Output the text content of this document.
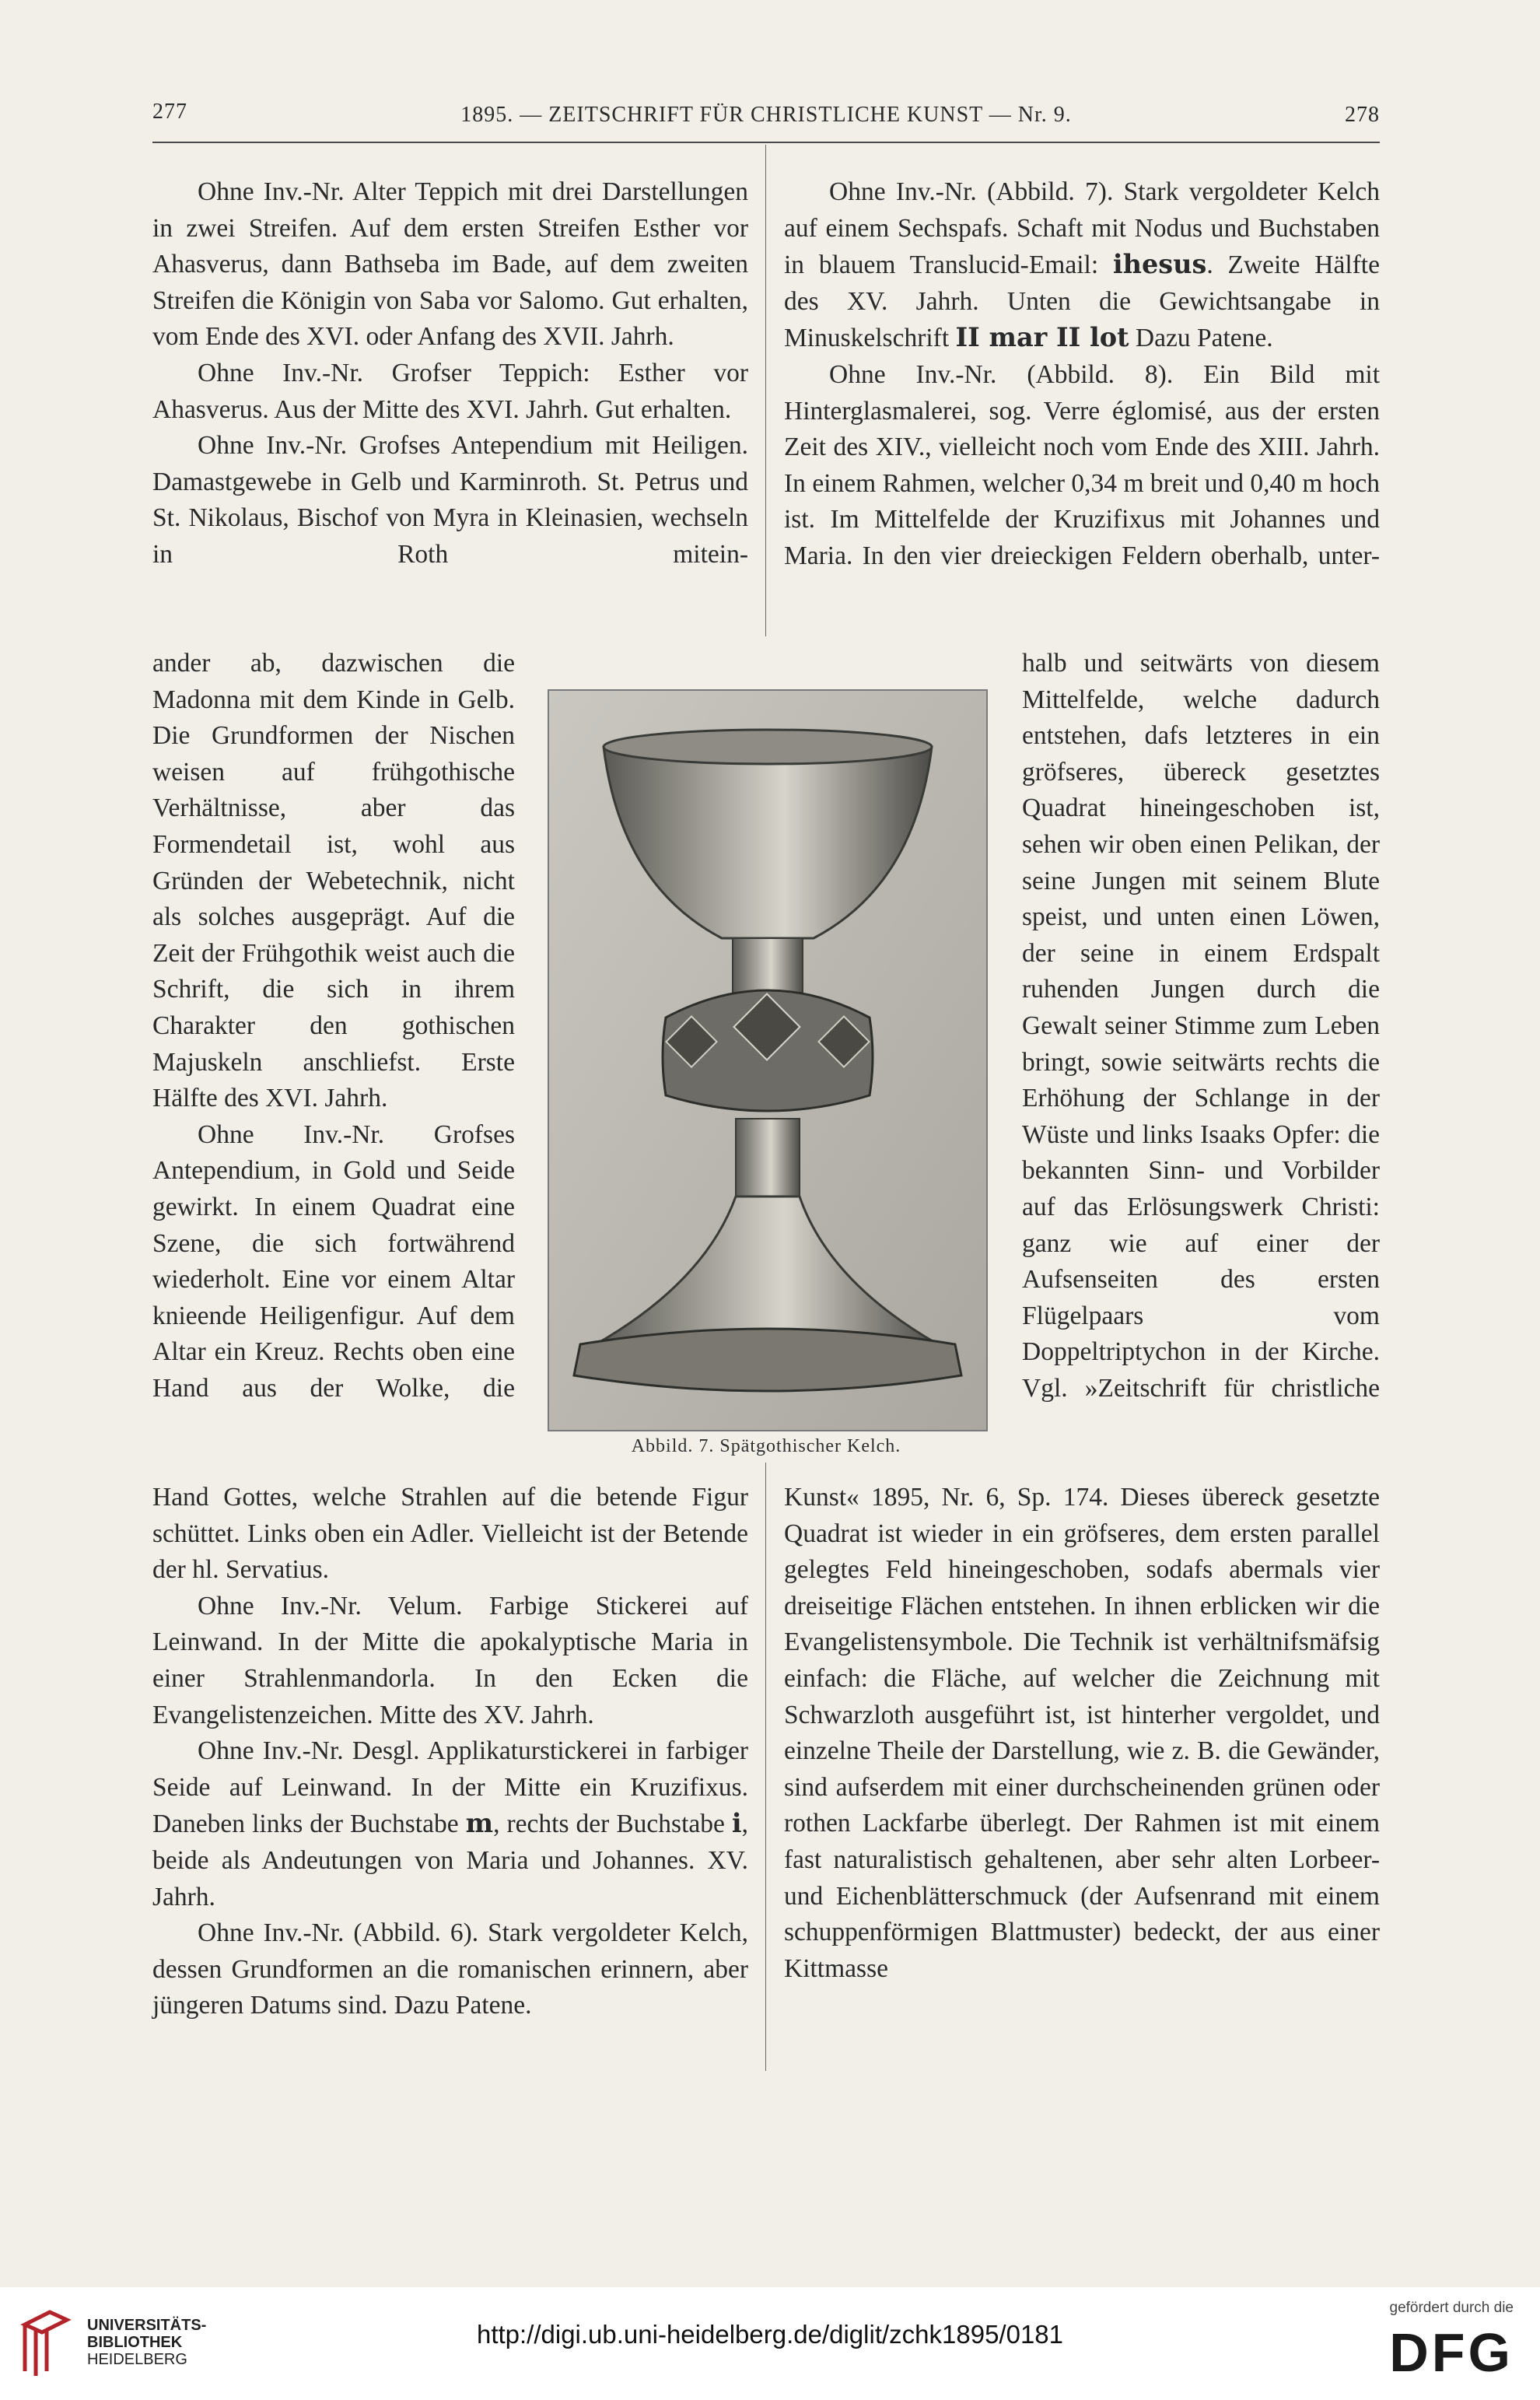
277	1895. — ZEITSCHRIFT FÜR CHRISTLICHE KUNST — Nr. 9.	278

Ohne Inv.-Nr. Alter Teppich mit drei Darstellungen in zwei Streifen. Auf dem ersten Streifen Esther vor Ahasverus, dann Bathseba im Bade, auf dem zweiten Streifen die Königin von Saba vor Salomo. Gut erhalten, vom Ende des XVI. oder Anfang des XVII. Jahrh.

Ohne Inv.-Nr. Grofser Teppich: Esther vor Ahasverus. Aus der Mitte des XVI. Jahrh. Gut erhalten.

Ohne Inv.-Nr. Grofses Antependium mit Heiligen. Damastgewebe in Gelb und Karminroth. St. Petrus und St. Nikolaus, Bischof von Myra in Kleinasien, wechseln in Roth mitein-

ander ab, dazwischen die Madonna mit dem Kinde in Gelb. Die Grundformen der Nischen weisen auf frühgothische Verhältnisse, aber das Formendetail ist, wohl aus Gründen der Webetechnik, nicht als solches ausgeprägt. Auf die Zeit der Frühgothik weist auch die Schrift, die sich in ihrem Charakter den gothischen Majuskeln anschliefst. Erste Hälfte des XVI. Jahrh.

Ohne Inv.-Nr. Grofses Antependium, in Gold und Seide gewirkt. In einem Quadrat eine Szene, die sich fortwährend wiederholt. Eine vor einem Altar knieende Heiligenfigur. Auf dem Altar ein Kreuz. Rechts oben eine Hand aus der Wolke, die

Hand Gottes, welche Strahlen auf die betende Figur schüttet. Links oben ein Adler. Vielleicht ist der Betende der hl. Servatius.

Ohne Inv.-Nr. Velum. Farbige Stickerei auf Leinwand. In der Mitte die apokalyptische Maria in einer Strahlenmandorla. In den Ecken die Evangelistenzeichen. Mitte des XV. Jahrh.

Ohne Inv.-Nr. Desgl. Applikaturstickerei in farbiger Seide auf Leinwand. In der Mitte ein Kruzifixus. Daneben links der Buchstabe m, rechts der Buchstabe i, beide als Andeutungen von Maria und Johannes. XV. Jahrh.

Ohne Inv.-Nr. (Abbild. 6). Stark vergoldeter Kelch, dessen Grundformen an die romanischen erinnern, aber jüngeren Datums sind. Dazu Patene.

Ohne Inv.-Nr. (Abbild. 7). Stark vergoldeter Kelch auf einem Sechspafs. Schaft mit Nodus und Buchstaben in blauem Translucid-Email: ihesus. Zweite Hälfte des XV. Jahrh. Unten die Gewichtsangabe in Minuskelschrift II mar II lot Dazu Patene.

Ohne Inv.-Nr. (Abbild. 8). Ein Bild mit Hinterglasmalerei, sog. Verre églomisé, aus der ersten Zeit des XIV., vielleicht noch vom Ende des XIII. Jahrh. In einem Rahmen, welcher 0,34 m breit und 0,40 m hoch ist. Im Mittelfelde der Kruzifixus mit Johannes und Maria. In den vier dreieckigen Feldern oberhalb, unter-

halb und seitwärts von diesem Mittelfelde, welche dadurch entstehen, dafs letzteres in ein gröfseres, übereck gesetztes Quadrat hineingeschoben ist, sehen wir oben einen Pelikan, der seine Jungen mit seinem Blute speist, und unten einen Löwen, der seine in einem Erdspalt ruhenden Jungen durch die Gewalt seiner Stimme zum Leben bringt, sowie seitwärts rechts die Erhöhung der Schlange in der Wüste und links Isaaks Opfer: die bekannten Sinn- und Vorbilder auf das Erlösungswerk Christi: ganz wie auf einer der Aufsenseiten des ersten Flügelpaars vom Doppeltriptychon in der Kirche. Vgl. »Zeitschrift für christliche

Kunst« 1895, Nr. 6, Sp. 174. Dieses übereck gesetzte Quadrat ist wieder in ein gröfseres, dem ersten parallel gelegtes Feld hineingeschoben, sodafs abermals vier dreiseitige Flächen entstehen. In ihnen erblicken wir die Evangelistensymbole. Die Technik ist verhältnifsmäfsig einfach: die Fläche, auf welcher die Zeichnung mit Schwarzloth ausgeführt ist, ist hinterher vergoldet, und einzelne Theile der Darstellung, wie z. B. die Gewänder, sind aufserdem mit einer durchscheinenden grünen oder rothen Lackfarbe überlegt. Der Rahmen ist mit einem fast naturalistisch gehaltenen, aber sehr alten Lorbeer- und Eichenblätterschmuck (der Aufsenrand mit einem schuppenförmigen Blattmuster) bedeckt, der aus einer Kittmasse

Abbild. 7. Spätgothischer Kelch.
UNIVERSITÄTS-
BIBLIOTHEK
HEIDELBERG
http://digi.ub.uni-heidelberg.de/diglit/zchk1895/0181
gefördert durch die
DFG
